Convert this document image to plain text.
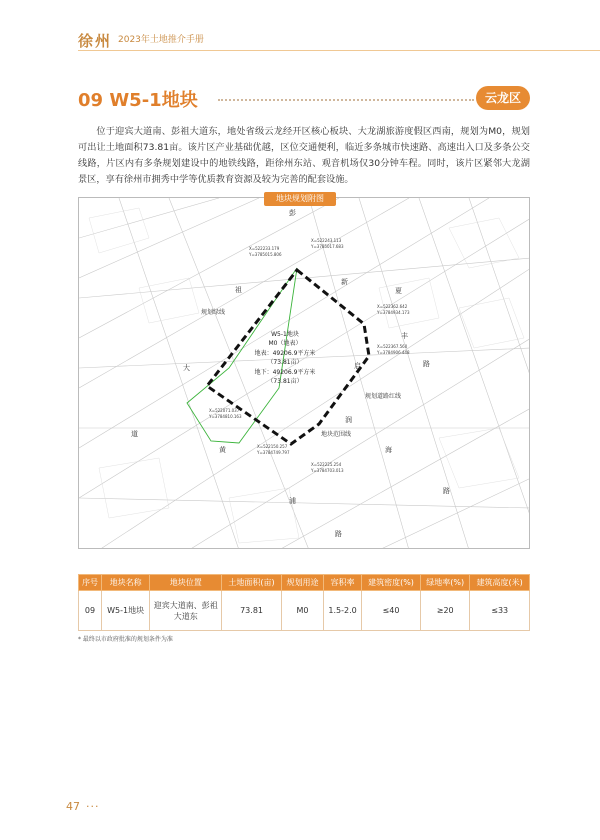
徐州 2023年土地推介手册
09 W5-1地块	云龙区
位于迎宾大道南、彭祖大道东，地处省级云龙经开区核心板块、大龙湖旅游度假区西南，规划为M0，规划可出让土地面积73.81亩。该片区产业基础优越，区位交通便利，临近多条城市快速路、高速出入口及多条公交线路，片区内有多条规划建设中的地铁线路，距徐州东站、观音机场仅30分钟车程。同时，该片区紧邻大龙湖景区，享有徐州市拥秀中学等优质教育资源及较为完善的配套设施。
地块规划附图
彭
祖
大
道
新
夏
丰
路
启
润
海
路
黄
浦
路
W5-1地块
M0（地表）
地表：49206.9平方米
（73.81亩）
地下：49206.9平方米
（73.81亩）
规划绿线
规划道路红线
地块范围线
X=522233.179
Y=3785015.806
X=522243.113
Y=3785017.683
X=522362.642
Y=3784934.173
X=522367.560
Y=3784906.448
X=522071.037
Y=3784810.163
X=522150.257
Y=3784749.797
X=522225.254
Y=3784703.013
序号	地块名称	地块位置	土地面积(亩)	规划用途	容积率	建筑密度(%)	绿地率(%)	建筑高度(米)
09	W5-1地块	迎宾大道南、彭祖大道东	73.81	M0	1.5-2.0	≤40	≥20	≤33
* 最终以市政府批准的规划条件为准
47 ···
